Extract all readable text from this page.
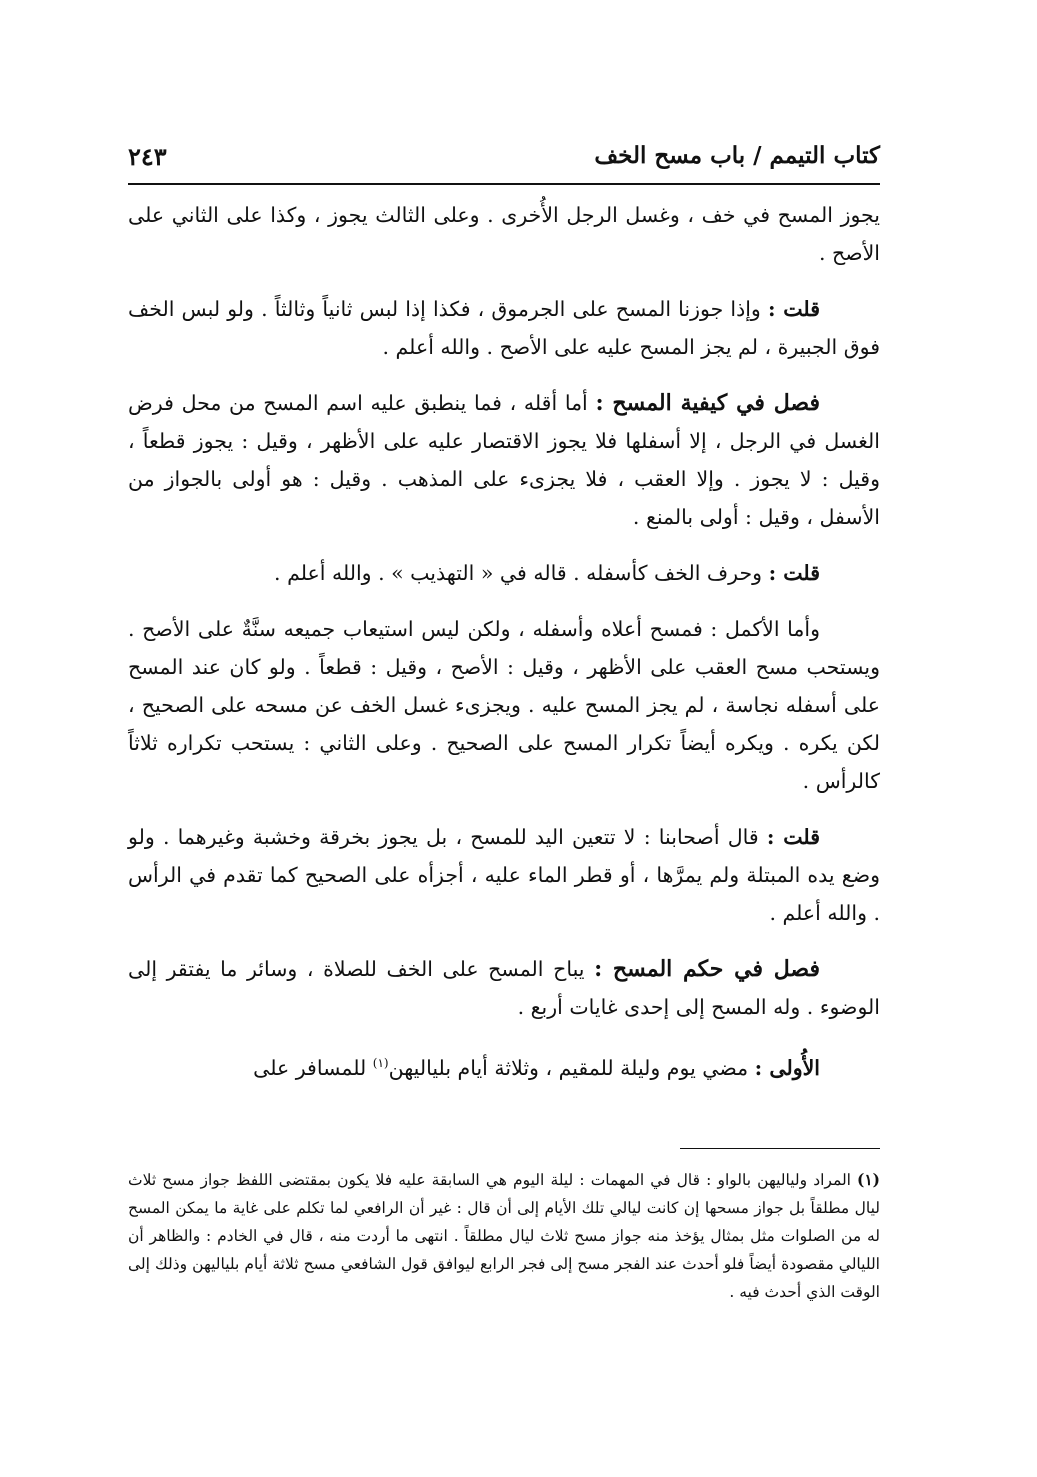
كتاب التيمم / باب مسح الخف
٢٤٣

يجوز المسح في خف ، وغسل الرجل الأُخرى . وعلى الثالث يجوز ، وكذا على الثاني على الأصح .

قلت : وإذا جوزنا المسح على الجرموق ، فكذا إذا لبس ثانياً وثالثاً . ولو لبس الخف فوق الجبيرة ، لم يجز المسح عليه على الأصح . والله أعلم .

فصل في كيفية المسح : أما أقله ، فما ينطبق عليه اسم المسح من محل فرض الغسل في الرجل ، إلا أسفلها فلا يجوز الاقتصار عليه على الأظهر ، وقيل : يجوز قطعاً ، وقيل : لا يجوز . وإلا العقب ، فلا يجزىء على المذهب . وقيل : هو أولى بالجواز من الأسفل ، وقيل : أولى بالمنع .

قلت : وحرف الخف كأسفله . قاله في « التهذيب » . والله أعلم .

وأما الأكمل : فمسح أعلاه وأسفله ، ولكن ليس استيعاب جميعه سنَّةٌ على الأصح . ويستحب مسح العقب على الأظهر ، وقيل : الأصح ، وقيل : قطعاً . ولو كان عند المسح على أسفله نجاسة ، لم يجز المسح عليه . ويجزىء غسل الخف عن مسحه على الصحيح ، لكن يكره . ويكره أيضاً تكرار المسح على الصحيح . وعلى الثاني : يستحب تكراره ثلاثاً كالرأس .

قلت : قال أصحابنا : لا تتعين اليد للمسح ، بل يجوز بخرقة وخشبة وغيرهما . ولو وضع يده المبتلة ولم يمرَّها ، أو قطر الماء عليه ، أجزأه على الصحيح كما تقدم في الرأس . والله أعلم .

فصل في حكم المسح : يباح المسح على الخف للصلاة ، وسائر ما يفتقر إلى الوضوء . وله المسح إلى إحدى غايات أربع .

الأُولى : مضي يوم وليلة للمقيم ، وثلاثة أيام بلياليهن$^{(١)}$ للمسافر على

(١)المراد ولياليهن بالواو : قال في المهمات : ليلة اليوم هي السابقة عليه فلا يكون بمقتضى اللفظ جواز مسح ثلاث ليال مطلقاً بل جواز مسحها إن كانت ليالي تلك الأيام إلى أن قال : غير أن الرافعي لما تكلم على غاية ما يمكن المسح له من الصلوات مثل بمثال يؤخذ منه جواز مسح ثلاث ليال مطلقاً . انتهى ما أردت منه ، قال في الخادم : والظاهر أن الليالي مقصودة أيضاً فلو أحدث عند الفجر مسح إلى فجر الرابع ليوافق قول الشافعي مسح ثلاثة أيام بلياليهن وذلك إلى الوقت الذي أحدث فيه .
